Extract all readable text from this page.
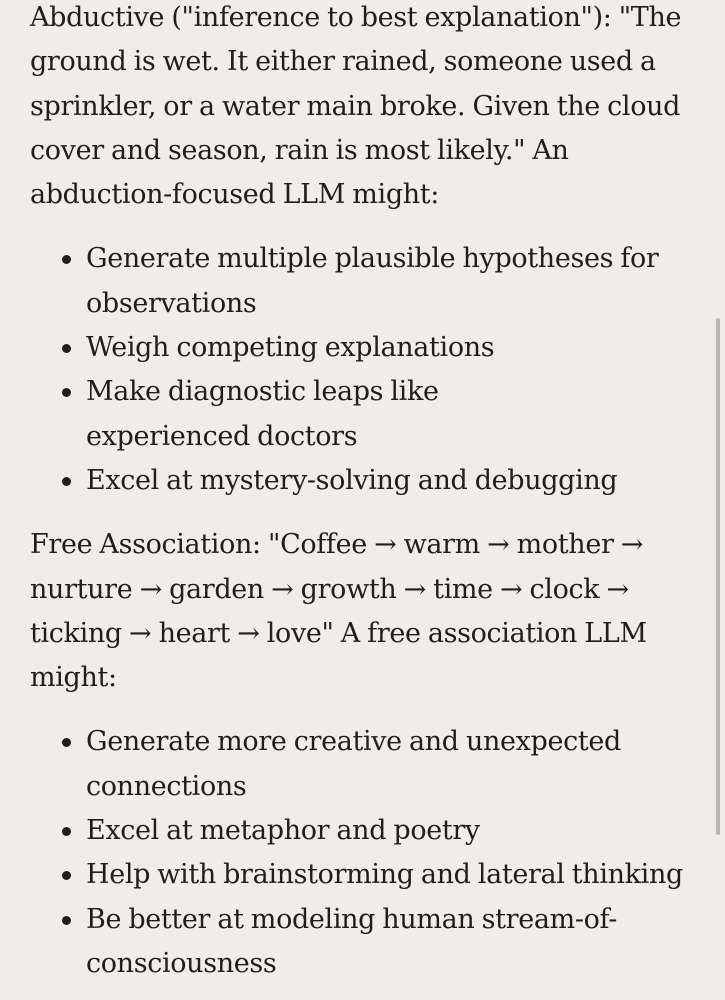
Abductive ("inference to best explanation"): "The ground is wet. It either rained, someone used a sprinkler, or a water main broke. Given the cloud cover and season, rain is most likely." An abduction-focused LLM might:

Generate multiple plausible hypotheses for observations
Weigh competing explanations
Make diagnostic leaps like experienced doctors
Excel at mystery-solving and debugging

Free Association: "Coffee → warm → mother → nurture → garden → growth → time → clock → ticking → heart → love" A free association LLM might:

Generate more creative and unexpected connections
Excel at metaphor and poetry
Help with brainstorming and lateral thinking
Be better at modeling human stream-of-consciousness
